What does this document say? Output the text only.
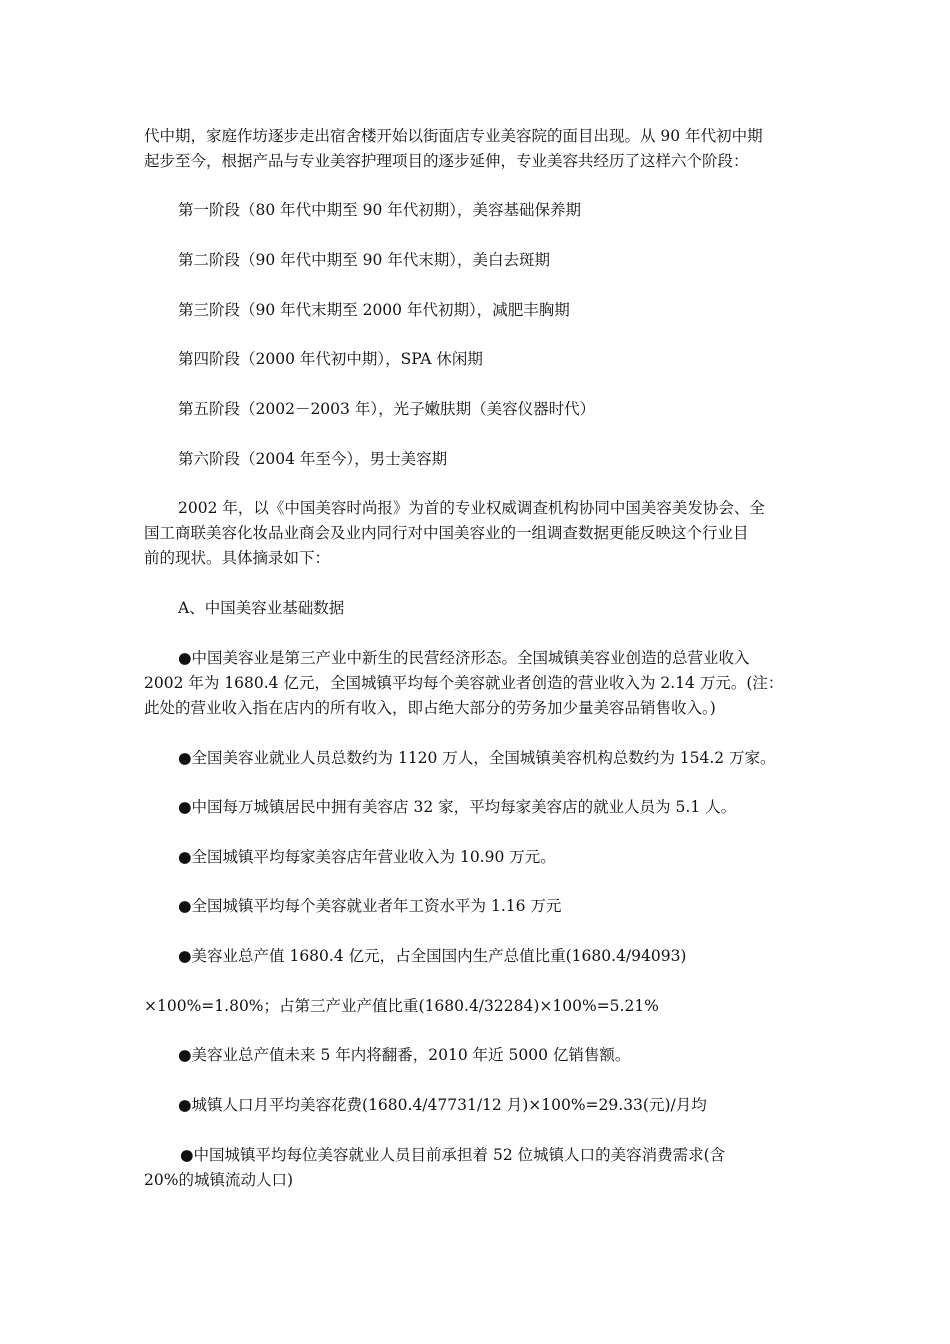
代中期，家庭作坊逐步走出宿舍楼开始以街面店专业美容院的面目出现。从 90 年代初中期
起步至今，根据产品与专业美容护理项目的逐步延伸，专业美容共经历了这样六个阶段：

第一阶段（80 年代中期至 90 年代初期），美容基础保养期

第二阶段（90 年代中期至 90 年代末期），美白去斑期

第三阶段（90 年代末期至 2000 年代初期），减肥丰胸期

第四阶段（2000 年代初中期），SPA 休闲期

第五阶段（2002－2003 年），光子嫩肤期（美容仪器时代）

第六阶段（2004 年至今），男士美容期

2002 年，以《中国美容时尚报》为首的专业权威调查机构协同中国美容美发协会、全
国工商联美容化妆品业商会及业内同行对中国美容业的一组调查数据更能反映这个行业目
前的现状。具体摘录如下：

A、中国美容业基础数据

●中国美容业是第三产业中新生的民营经济形态。全国城镇美容业创造的总营业收入
2002 年为 1680.4 亿元，全国城镇平均每个美容就业者创造的营业收入为 2.14 万元。(注：
此处的营业收入指在店内的所有收入，即占绝大部分的劳务加少量美容品销售收入。)

●全国美容业就业人员总数约为 1120 万人，全国城镇美容机构总数约为 154.2 万家。

●中国每万城镇居民中拥有美容店 32 家，平均每家美容店的就业人员为 5.1 人。

●全国城镇平均每家美容店年营业收入为 10.90 万元。

●全国城镇平均每个美容就业者年工资水平为 1.16 万元

●美容业总产值 1680.4 亿元，占全国国内生产总值比重(1680.4/94093)

×100%=1.80%；占第三产业产值比重(1680.4/32284)×100%=5.21%

●美容业总产值未来 5 年内将翻番，2010 年近 5000 亿销售额。

●城镇人口月平均美容花费(1680.4/47731/12 月)×100%=29.33(元)/月均

●中国城镇平均每位美容就业人员目前承担着 52 位城镇人口的美容消费需求(含
20%的城镇流动人口)
